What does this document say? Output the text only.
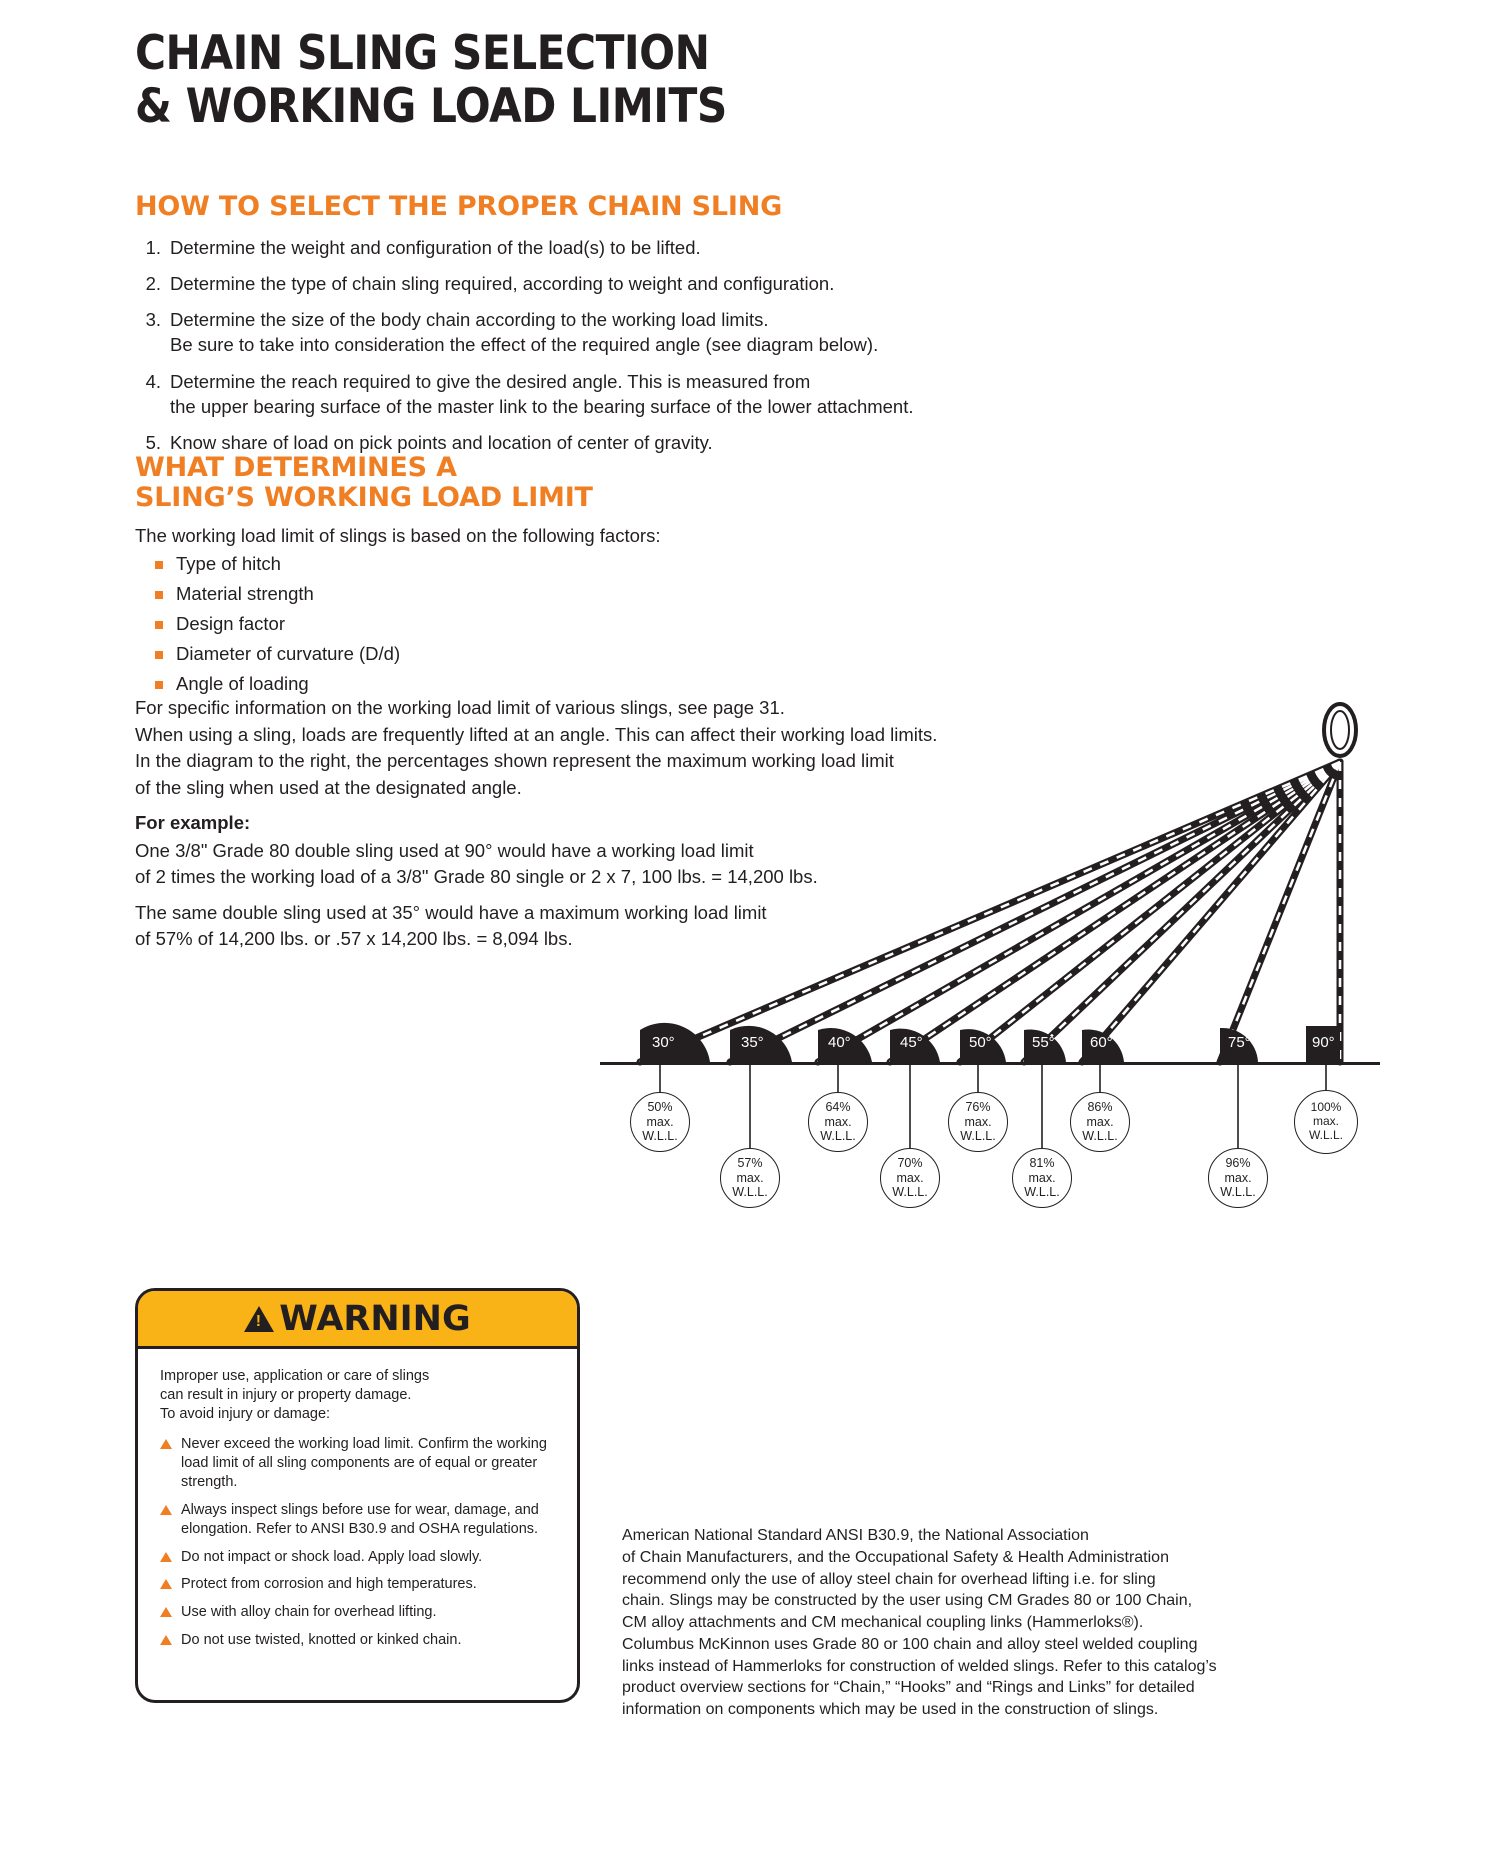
CHAIN SLING SELECTION
& WORKING LOAD LIMITS
HOW TO SELECT THE PROPER CHAIN SLING
1. Determine the weight and configuration of the load(s) to be lifted.
2. Determine the type of chain sling required, according to weight and configuration.
3. Determine the size of the body chain according to the working load limits.
Be sure to take into consideration the effect of the required angle (see diagram below).
4. Determine the reach required to give the desired angle. This is measured from
the upper bearing surface of the master link to the bearing surface of the lower attachment.
5. Know share of load on pick points and location of center of gravity.
WHAT DETERMINES A
SLING’S WORKING LOAD LIMIT
The working load limit of slings is based on the following factors:
Type of hitch
Material strength
Design factor
Diameter of curvature (D/d)
Angle of loading
For specific information on the working load limit of various slings, see page 31.
When using a sling, loads are frequently lifted at an angle. This can affect their working load limits.
In the diagram to the right, the percentages shown represent the maximum working load limit
of the sling when used at the designated angle.
For example:
One 3/8" Grade 80 double sling used at 90° would have a working load limit
of 2 times the working load of a 3/8" Grade 80 single or 2 x 7, 100 lbs. = 14,200 lbs.
The same double sling used at 35° would have a maximum working load limit
of 57% of 14,200 lbs. or .57 x 14,200 lbs. = 8,094 lbs.
30°	35°	40°	45°	50°	55° 60°	75°	90°
50%
max.
W.L.L.
57%
max.
W.L.L.
64%
max.
W.L.L.
70%
max.
W.L.L.
76%
max.
W.L.L.
81%
max.
W.L.L.
86%
max.
W.L.L.
96%
max.
W.L.L.
100%
max.
W.L.L.
!
WARNING
Improper use, application or care of slings
can result in injury or property damage.
To avoid injury or damage:
Never exceed the working load limit. Confirm the working load limit of all sling components are of equal or greater strength.
Always inspect slings before use for wear, damage, and elongation. Refer to ANSI B30.9 and OSHA regulations.
Do not impact or shock load. Apply load slowly.
Protect from corrosion and high temperatures.
Use with alloy chain for overhead lifting.
Do not use twisted, knotted or kinked chain.
American National Standard ANSI B30.9, the National Association
of Chain Manufacturers, and the Occupational Safety & Health Administration
recommend only the use of alloy steel chain for overhead lifting i.e. for sling
chain. Slings may be constructed by the user using CM Grades 80 or 100 Chain,
CM alloy attachments and CM mechanical coupling links (Hammerloks®).
Columbus McKinnon uses Grade 80 or 100 chain and alloy steel welded coupling
links instead of Hammerloks for construction of welded slings. Refer to this catalog’s
product overview sections for “Chain,” “Hooks” and “Rings and Links” for detailed
information on components which may be used in the construction of slings.
